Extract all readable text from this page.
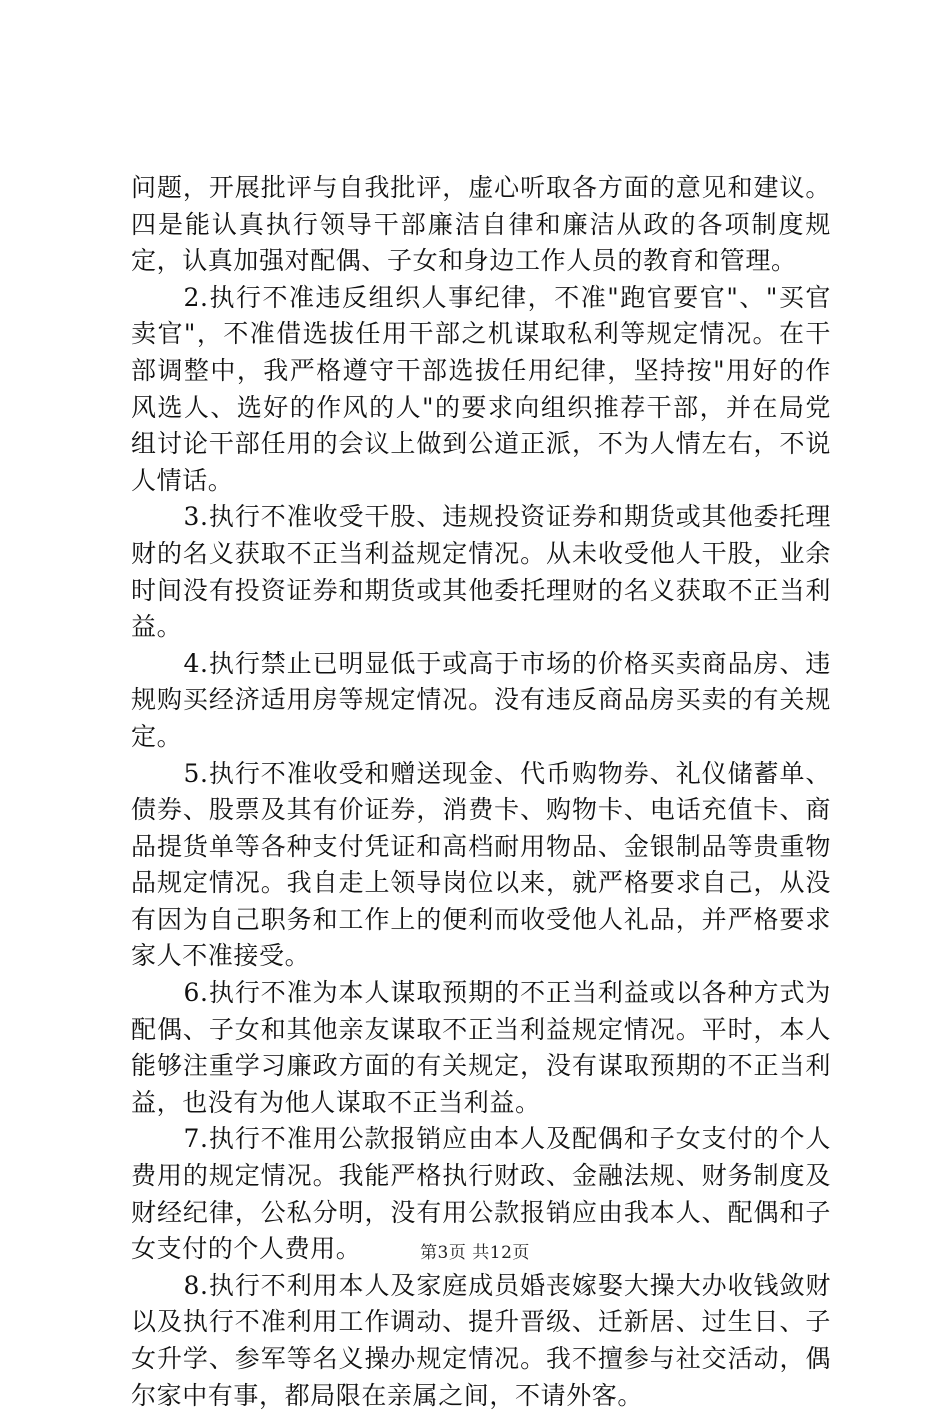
问题，开展批评与自我批评，虚心听取各方面的意见和建议。四是能认真执行领导干部廉洁自律和廉洁从政的各项制度规定，认真加强对配偶、子女和身边工作人员的教育和管理。

2.执行不准违反组织人事纪律，不准"跑官要官"、"买官卖官"，不准借选拔任用干部之机谋取私利等规定情况。在干部调整中，我严格遵守干部选拔任用纪律，坚持按"用好的作风选人、选好的作风的人"的要求向组织推荐干部，并在局党组讨论干部任用的会议上做到公道正派，不为人情左右，不说人情话。

3.执行不准收受干股、违规投资证券和期货或其他委托理财的名义获取不正当利益规定情况。从未收受他人干股，业余时间没有投资证券和期货或其他委托理财的名义获取不正当利益。

4.执行禁止已明显低于或高于市场的价格买卖商品房、违规购买经济适用房等规定情况。没有违反商品房买卖的有关规定。

5.执行不准收受和赠送现金、代币购物券、礼仪储蓄单、债券、股票及其有价证券，消费卡、购物卡、电话充值卡、商品提货单等各种支付凭证和高档耐用物品、金银制品等贵重物品规定情况。我自走上领导岗位以来，就严格要求自己，从没有因为自己职务和工作上的便利而收受他人礼品，并严格要求家人不准接受。

6.执行不准为本人谋取预期的不正当利益或以各种方式为配偶、子女和其他亲友谋取不正当利益规定情况。平时，本人能够注重学习廉政方面的有关规定，没有谋取预期的不正当利益，也没有为他人谋取不正当利益。

7.执行不准用公款报销应由本人及配偶和子女支付的个人费用的规定情况。我能严格执行财政、金融法规、财务制度及财经纪律，公私分明，没有用公款报销应由我本人、配偶和子女支付的个人费用。

8.执行不利用本人及家庭成员婚丧嫁娶大操大办收钱敛财以及执行不准利用工作调动、提升晋级、迁新居、过生日、子女升学、参军等名义操办规定情况。我不擅参与社交活动，偶尔家中有事，都局限在亲属之间，不请外客。

第3页 共12页
